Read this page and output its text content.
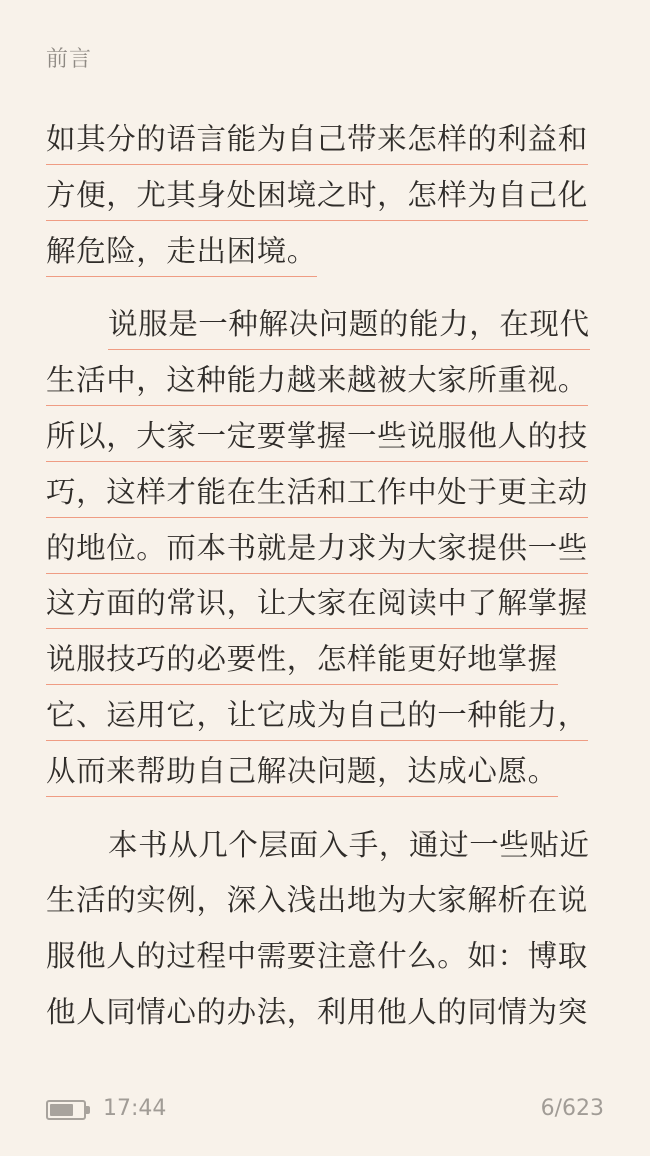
前言
如其分的语言能为自己带来怎样的利益和
方便，尤其身处困境之时，怎样为自己化
解危险，走出困境。
说服是一种解决问题的能力，在现代
生活中，这种能力越来越被大家所重视。
所以，大家一定要掌握一些说服他人的技
巧，这样才能在生活和工作中处于更主动
的地位。而本书就是力求为大家提供一些
这方面的常识，让大家在阅读中了解掌握
说服技巧的必要性，怎样能更好地掌握
它、运用它，让它成为自己的一种能力，
从而来帮助自己解决问题，达成心愿。
本书从几个层面入手，通过一些贴近
生活的实例，深入浅出地为大家解析在说
服他人的过程中需要注意什么。如：博取
他人同情心的办法，利用他人的同情为突
17:44	6/623
